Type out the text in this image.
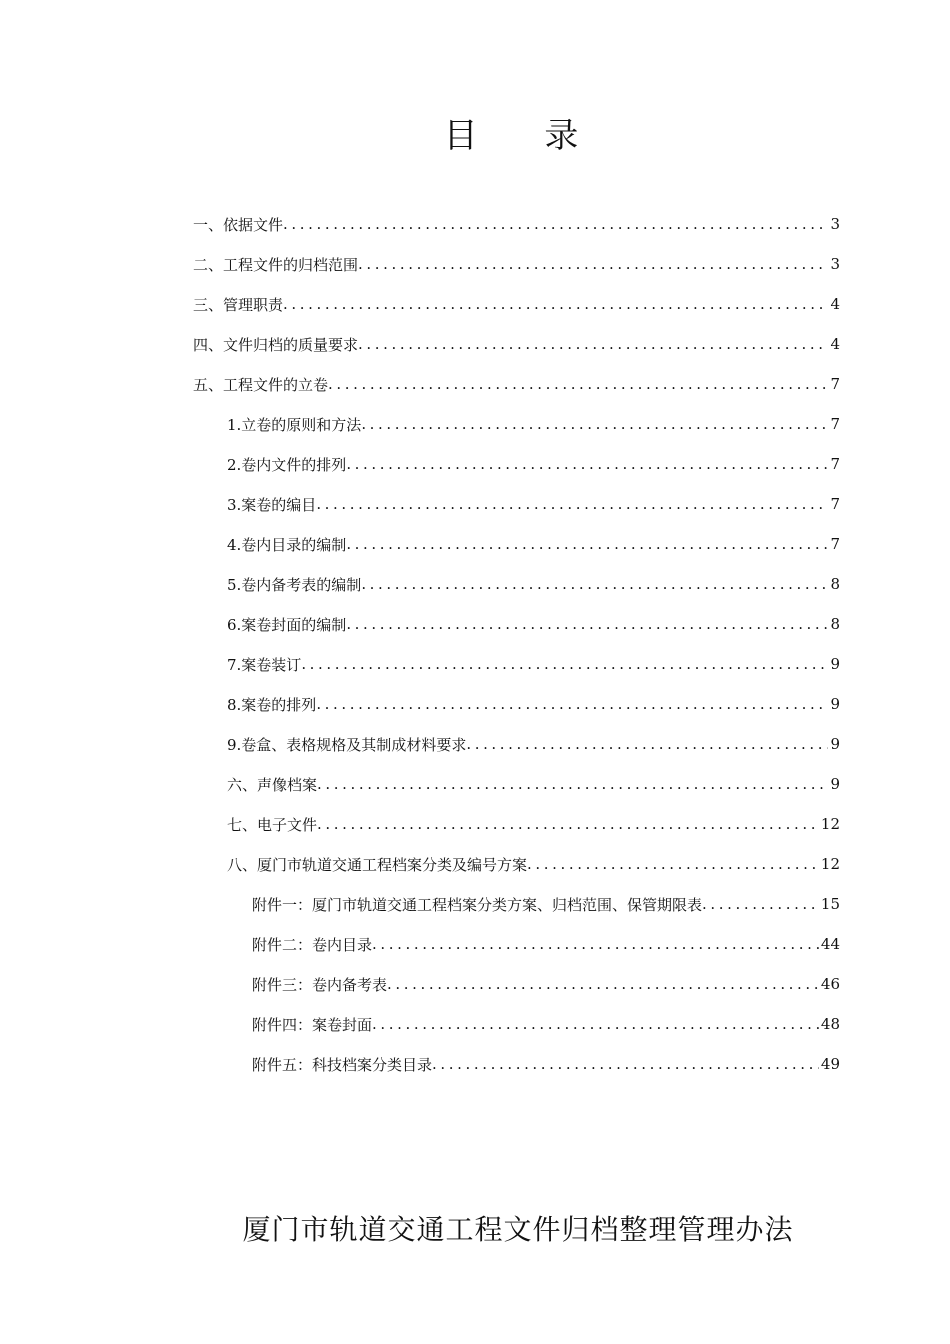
目 录
一、依据文件 .....	3
二、工程文件的归档范围 .....	3
三、管理职责 .....	4
四、文件归档的质量要求 .....	4
五、工程文件的立卷 .....	7
1.立卷的原则和方法 .....	7
2.卷内文件的排列 .....	7
3.案卷的编目 .....	7
4.卷内目录的编制 .....	7
5.卷内备考表的编制 .....	8
6.案卷封面的编制 .....	8
7.案卷装订 .....	9
8.案卷的排列 .....	9
9.卷盒、表格规格及其制成材料要求 .....	9
六、声像档案 .....	9
七、电子文件 .....	12
八、厦门市轨道交通工程档案分类及编号方案 .....	12
附件一：厦门市轨道交通工程档案分类方案、归档范围、保管期限表 .....	15
附件二：卷内目录 .....	44
附件三：卷内备考表 .....	46
附件四：案卷封面 .....	48
附件五：科技档案分类目录 .....	49
厦门市轨道交通工程文件归档整理管理办法
